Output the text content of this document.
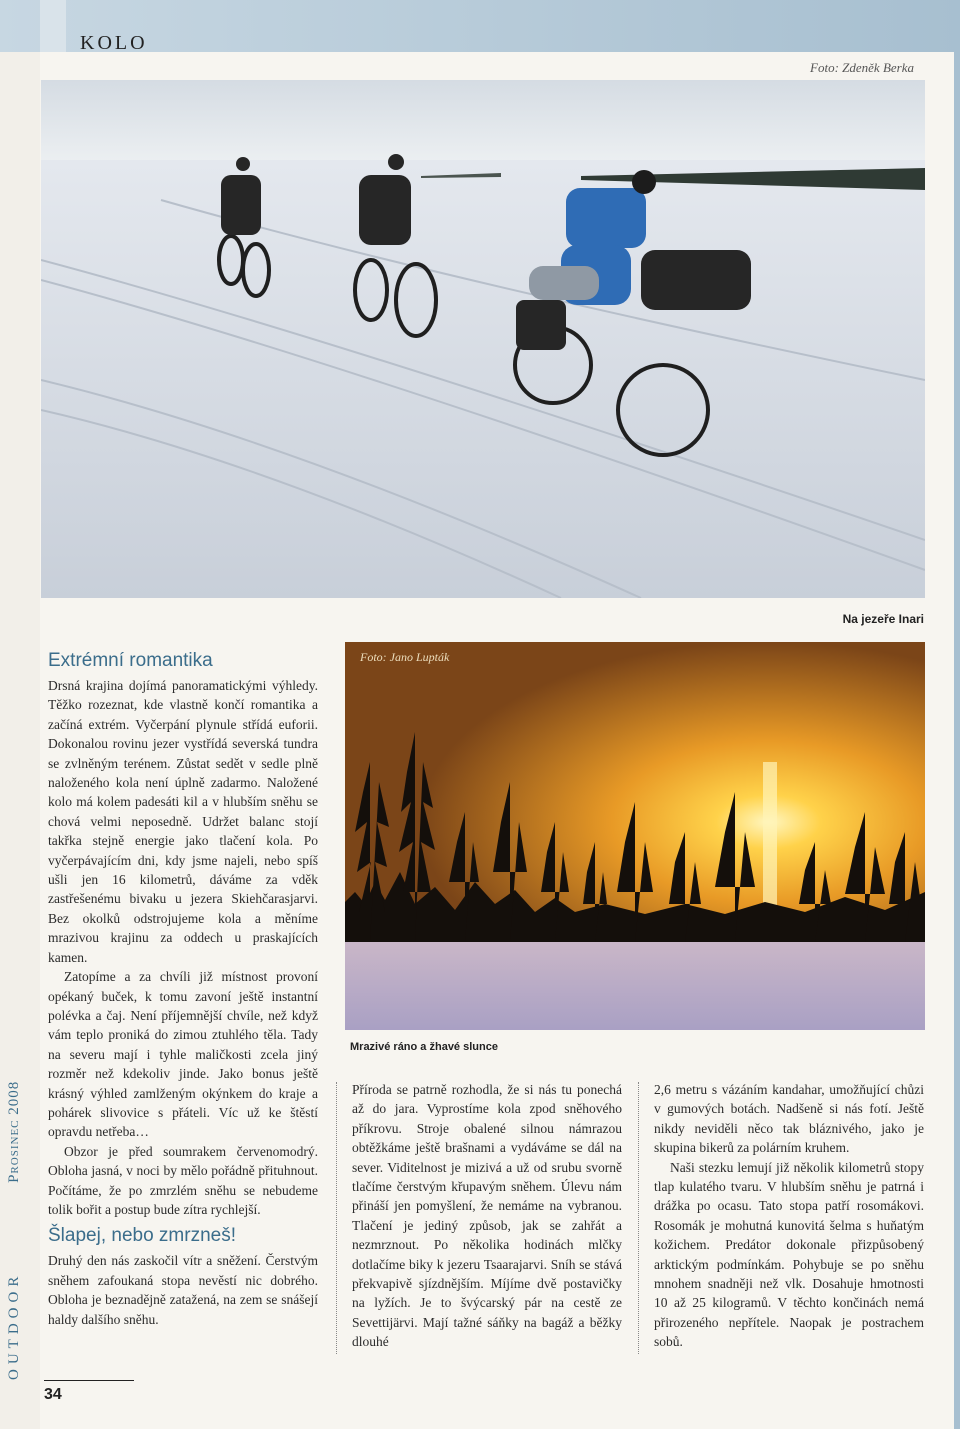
KOLO
OUTDOOR Prosinec 2008
Foto: Zdeněk Berka
Na jezeře Inari
Foto: Jano Lupták
Mrazivé ráno a žhavé slunce
Extrémní romantika

Drsná krajina dojímá panoramatickými výhledy. Těžko rozeznat, kde vlastně končí romantika a začíná extrém. Vyčerpání plynule střídá euforii. Dokonalou rovinu jezer vystřídá severská tundra se zvlněným terénem. Zůstat sedět v sedle plně naloženého kola není úplně zadarmo. Naložené kolo má kolem padesáti kil a v hlubším sněhu se chová velmi neposedně. Udržet balanc stojí takřka stejně energie jako tlačení kola. Po vyčerpávajícím dni, kdy jsme najeli, nebo spíš ušli jen 16 kilometrů, dáváme za vděk zastřešenému bivaku u jezera Skiehčarasjarvi. Bez okolků odstrojujeme kola a měníme mrazivou krajinu za oddech u praskajících kamen.

Zatopíme a za chvíli již místnost provoní opékaný buček, k tomu zavoní ještě instantní polévka a čaj. Není příjemnější chvíle, než když vám teplo proniká do zimou ztuhlého těla. Tady na severu mají i tyhle maličkosti zcela jiný rozměr než kdekoliv jinde. Jako bonus ještě krásný výhled zamlženým okýnkem do kraje a pohárek slivovice s přáteli. Víc už ke štěstí opravdu netřeba…

Obzor je před soumrakem červenomodrý. Obloha jasná, v noci by mělo pořádně přituhnout. Počítáme, že po zmrzlém sněhu se nebudeme tolik bořit a postup bude zítra rychlejší.

Šlapej, nebo zmrzneš!

Druhý den nás zaskočil vítr a sněžení. Čerstvým sněhem zafoukaná stopa nevěstí nic dobrého. Obloha je beznadějně zatažená, na zem se snášejí haldy dalšího sněhu.

Příroda se patrně rozhodla, že si nás tu ponechá až do jara. Vyprostíme kola zpod sněhového příkrovu. Stroje obalené silnou námrazou obtěžkáme ještě brašnami a vydáváme se dál na sever. Viditelnost je mizivá a už od srubu svorně tlačíme čerstvým křupavým sněhem. Úlevu nám přináší jen pomyšlení, že nemáme na vybranou. Tlačení je jediný způsob, jak se zahřát a nezmrznout. Po několika hodinách mlčky dotlačíme biky k jezeru Tsaarajarvi. Sníh se stává překvapivě sjízdnějším. Míjíme dvě postavičky na lyžích. Je to švýcarský pár na cestě ze Sevettijärvi. Mají tažné sáňky na bagáž a běžky dlouhé

2,6 metru s vázáním kandahar, umožňující chůzi v gumových botách. Nadšeně si nás fotí. Ještě nikdy neviděli něco tak bláznivého, jako je skupina bikerů za polárním kruhem.

Naši stezku lemují již několik kilometrů stopy tlap kulatého tvaru. V hlubším sněhu je patrná i drážka po ocasu. Tato stopa patří rosomákovi. Rosomák je mohutná kunovitá šelma s huňatým kožichem. Predátor dokonale přizpůsobený arktickým podmínkám. Pohybuje se po sněhu mnohem snadněji než vlk. Dosahuje hmotnosti 10 až 25 kilogramů. V těchto končinách nemá přirozeného nepřítele. Naopak je postrachem sobů.

34
